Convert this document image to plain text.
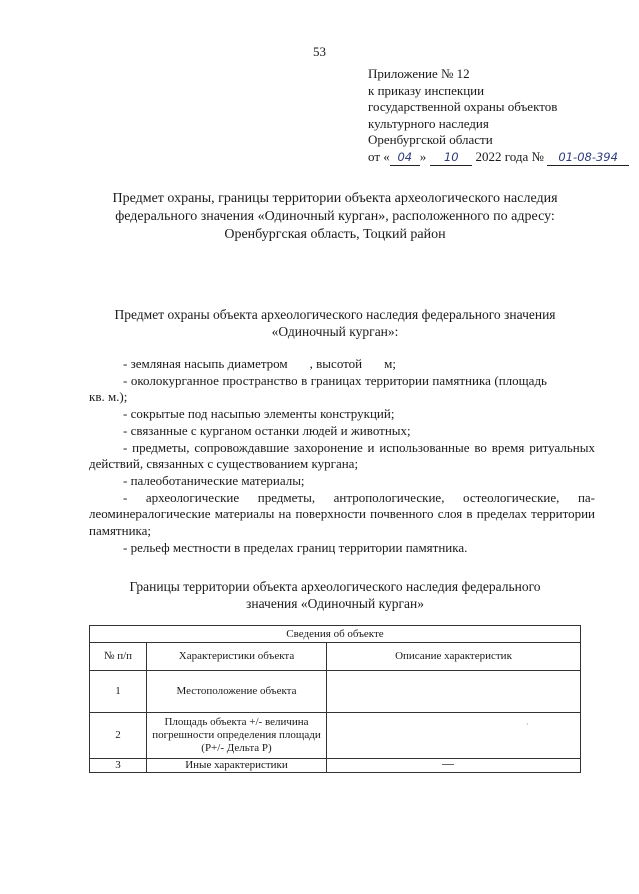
53
Приложение № 12
к приказу инспекции
государственной охраны объектов
культурного наследия
Оренбургской области
от « 04 » 10 2022 года № 01-08-394
Предмет охраны, границы территории объекта археологического наследия
федерального значения «Одиночный курган», расположенного по адресу:
Оренбургская область, Тоцкий район
Предмет охраны объекта археологического наследия федерального значения
«Одиночный курган»:

- земляная насыпь диаметром , высотой м;

- околокурганное пространство в границах территории памятника (площадькв. м.);

- сокрытые под насыпью элементы конструкций;

- связанные с курганом останки людей и животных;

- предметы, сопровождавшие захоронение и использованные во время ритуальных действий, связанных с существованием кургана;

- палеоботанические материалы;

- археологические предметы, антропологические, остеологические, па-леоминералогические материалы на поверхности почвенного слоя в пределах территории памятника;

- рельеф местности в пределах границ территории памятника.

Границы территории объекта археологического наследия федерального
значения «Одиночный курган»
Сведения об объекте		
№ п/п	Характеристики объекта	Описание характеристик
1	Местоположение объекта	
2	Площадь объекта +/- величина погрешности определения площади (Р+/- Дельта Р)	
3	Иные характеристики	
·
